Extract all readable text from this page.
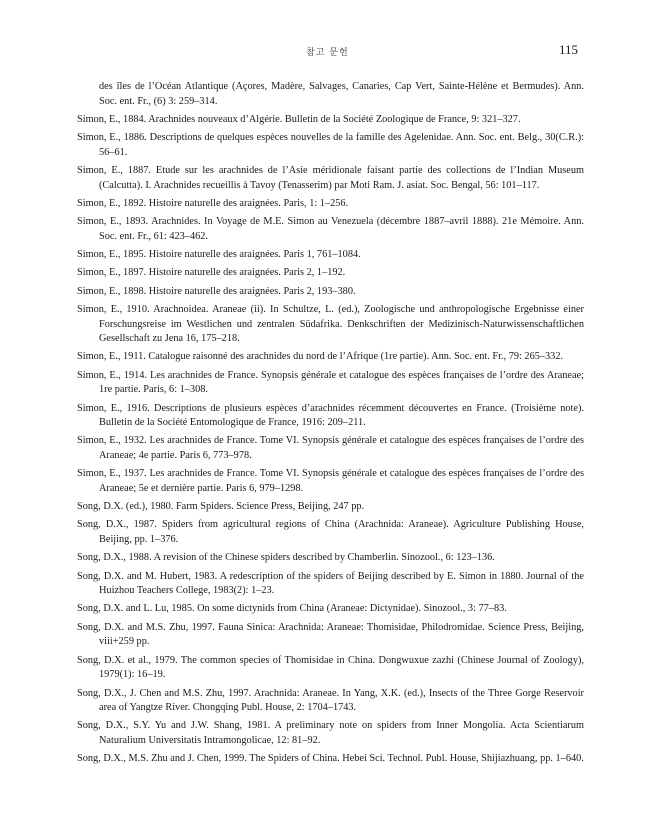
참고 문헌	115
des îles de l’Océan Atlantique (Açores, Madère, Salvages, Canaries, Cap Vert, Sainte-Hélène et Bermudes). Ann. Soc. ent. Fr., (6) 3: 259–314.
Simon, E., 1884. Arachnides nouveaux d’Algérie. Bulletin de la Société Zoologique de France, 9: 321–327.
Simon, E., 1886. Descriptions de quelques espèces nouvelles de la famille des Agelenidae. Ann. Soc. ent. Belg., 30(C.R.): 56–61.
Simon, E., 1887. Etude sur les arachnides de l’Asie méridionale faisant partie des collections de l’Indian Museum (Calcutta). I. Arachnides recueillis à Tavoy (Tenasserim) par Moti Ram. J. asiat. Soc. Bengal, 56: 101–117.
Simon, E., 1892. Histoire naturelle des araignées. Paris, 1: 1–256.
Simon, E., 1893. Arachnides. In Voyage de M.E. Simon au Venezuela (décembre 1887–avril 1888). 21e Mémoire. Ann. Soc. ent. Fr., 61: 423–462.
Simon, E., 1895. Histoire naturelle des araignées. Paris 1, 761–1084.
Simon, E., 1897. Histoire naturelle des araignées. Paris 2, 1–192.
Simon, E., 1898. Histoire naturelle des araignées. Paris 2, 193–380.
Simon, E., 1910. Arachnoidea. Araneae (ii). In Schultze, L. (ed.), Zoologische und anthropologische Ergebnisse einer Forschungsreise im Westlichen und zentralen Südafrika. Denkschriften der Medizinisch-Naturwissenschaftlichen Gesellschaft zu Jena 16, 175–218.
Simon, E., 1911. Catalogue raisonné des arachnides du nord de l’Afrique (1re partie). Ann. Soc. ent. Fr., 79: 265–332.
Simon, E., 1914. Les arachnides de France. Synopsis générale et catalogue des espèces françaises de l’ordre des Araneae; 1re partie. Paris, 6: 1–308.
Simon, E., 1916. Descriptions de plusieurs espèces d’arachnides récemment découvertes en France. (Troisième note). Bulletin de la Société Entomologique de France, 1916: 209–211.
Simon, E., 1932. Les arachnides de France. Tome VI. Synopsis générale et catalogue des espèces françaises de l’ordre des Araneae; 4e partie. Paris 6, 773–978.
Simon, E., 1937. Les arachnides de France. Tome VI. Synopsis générale et catalogue des espèces françaises de l’ordre des Araneae; 5e et dernière partie. Paris 6, 979–1298.
Song, D.X. (ed.), 1980. Farm Spiders. Science Press, Beijing, 247 pp.
Song, D.X., 1987. Spiders from agricultural regions of China (Arachnida: Araneae). Agriculture Publishing House, Beijing, pp. 1–376.
Song, D.X., 1988. A revision of the Chinese spiders described by Chamberlin. Sinozool., 6: 123–136.
Song, D.X. and M. Hubert, 1983. A redescription of the spiders of Beijing described by E. Simon in 1880. Journal of the Huizhou Teachers College, 1983(2): 1–23.
Song, D.X. and L. Lu, 1985. On some dictynids from China (Araneae: Dictynidae). Sinozool., 3: 77–83.
Song, D.X. and M.S. Zhu, 1997. Fauna Sinica: Arachnida: Araneae: Thomisidae, Philodromidae. Science Press, Beijing, viii+259 pp.
Song, D.X. et al., 1979. The common species of Thomisidae in China. Dongwuxue zazhi (Chinese Journal of Zoology), 1979(1): 16–19.
Song, D.X., J. Chen and M.S. Zhu, 1997. Arachnida: Araneae. In Yang, X.K. (ed.), Insects of the Three Gorge Reservoir area of Yangtze River. Chongqing Publ. House, 2: 1704–1743.
Song, D.X., S.Y. Yu and J.W. Shang, 1981. A preliminary note on spiders from Inner Mongolia. Acta Scientiarum Naturalium Universitatis Intramongolicae, 12: 81–92.
Song, D.X., M.S. Zhu and J. Chen, 1999. The Spiders of China. Hebei Sci. Technol. Publ. House, Shijiazhuang, pp. 1–640.
